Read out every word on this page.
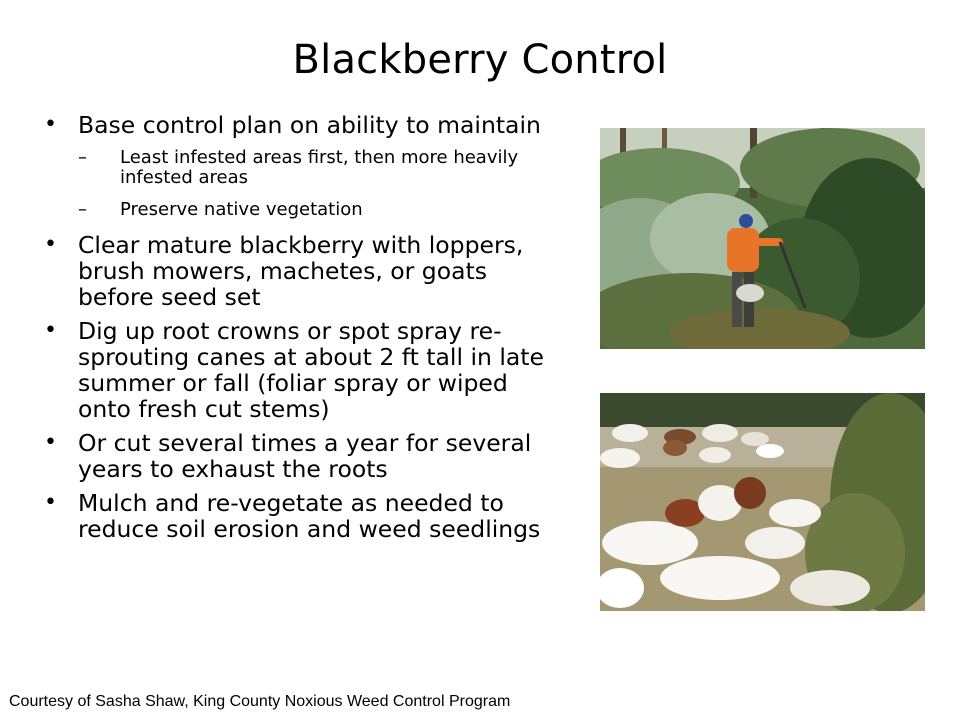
Blackberry Control
• Base control plan on ability to maintain
–	Least infested areas first, then more heavily infested areas
–	Preserve native vegetation
• Clear mature blackberry with loppers, brush mowers, machetes, or goats before seed set
• Dig up root crowns or spot spray re-sprouting canes at about 2 ft tall in late summer or fall (foliar spray or wiped onto fresh cut stems)
• Or cut several times a year for several years to exhaust the roots
• Mulch and re-vegetate as needed to reduce soil erosion and weed seedlings
Courtesy of Sasha Shaw, King County Noxious Weed Control Program
